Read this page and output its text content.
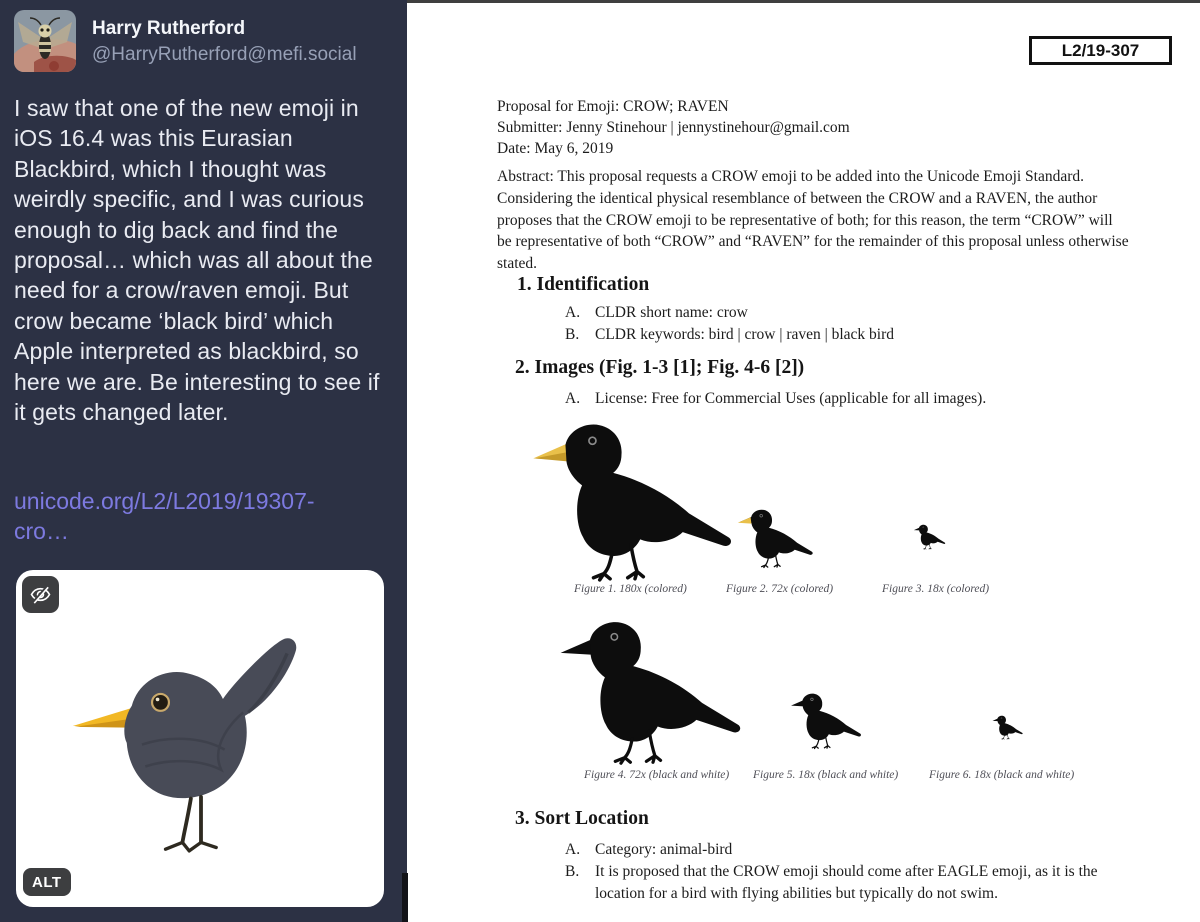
Harry Rutherford
@HarryRutherford@mefi.social

I saw that one of the new emoji in iOS 16.4 was this Eurasian Blackbird, which I thought was weirdly specific, and I was curious enough to dig back and find the proposal… which was all about the need for a crow/raven emoji. But crow became ‘black bird’ which Apple interpreted as blackbird, so here we are. Be interesting to see if it gets changed later.

unicode.org/L2/L2019/19307-
cro…
ALT
L2/19-307
Proposal for Emoji: CROW; RAVEN
Submitter: Jenny Stinehour | jennystinehour@gmail.com
Date: May 6, 2019

Abstract: This proposal requests a CROW emoji to be added into the Unicode Emoji Standard. Considering the identical physical resemblance of between the CROW and a RAVEN, the author proposes that the CROW emoji to be representative of both; for this reason, the term “CROW” will be representative of both “CROW” and “RAVEN” for the remainder of this proposal unless otherwise stated.

1. Identification
A. CLDR short name: crow
B.	CLDR keywords: bird | crow | raven | black bird
2. Images (Fig. 1-3 [1]; Fig. 4-6 [2])
A. License: Free for Commercial Uses (applicable for all images).
Figure 1. 180x (colored)	Figure 2. 72x (colored)	Figure 3. 18x (colored)
Figure 4. 72x (black and white) Figure 5. 18x (black and white)	Figure 6. 18x (black and white)
3. Sort Location
A. Category: animal-bird
B.	It is proposed that the CROW emoji should come after EAGLE emoji, as it is the location for a bird with flying abilities but typically do not swim.
